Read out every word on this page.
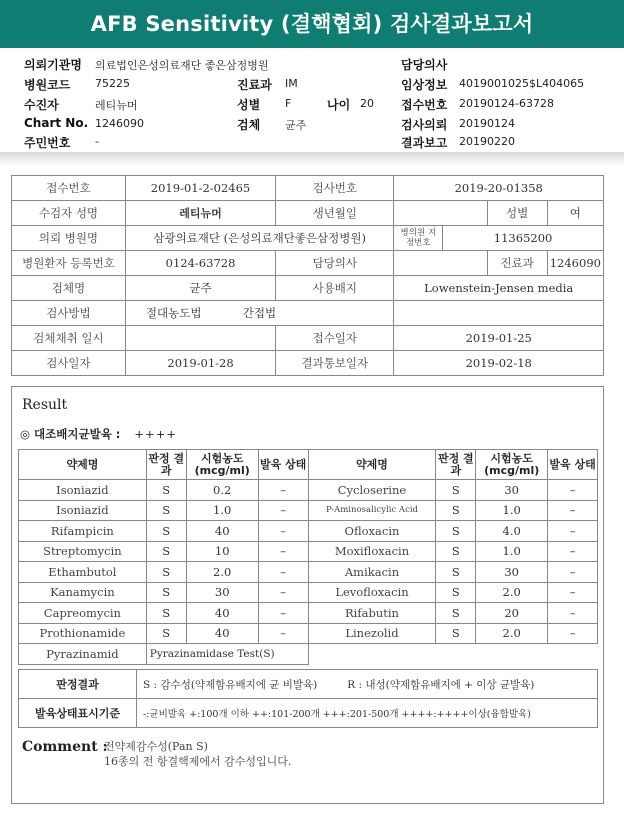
AFB Sensitivity (결핵협회) 검사결과보고서
의뢰기관명 의료법인은성의료재단 좋은삼정병원
병원코드 75225
수진자	레티뉴머
Chart No. 1246090
주민번호 -
진료과 IM
성별 F	나이 20
검체 균주
담당의사
임상정보 4019001025$L404065
접수번호 20190124-63728
검사의뢰 20190124
결과보고 20190220
접수번호	2019-01-2-02465	검사번호	2019-20-01358			
수검자 성명	레티뉴머	생년월일			성별	여
의뢰 병원명	삼광의료재단 (은성의료재단좋은삼정병원)		병의원 지정번호	11365200		
병원환자 등록번호	0124-63728	담당의사			진료과	1246090
검체명	균주	사용배지	Lowenstein-Jensen media			
검사방법	절대농도법 간접법					
검체채취 일시		접수일자	2019-01-25			
검사일자	2019-01-28	결과통보일자	2019-02-18			
Result
◎ 대조배지균발육 : ++++
약제명	판정 결과	시험농도 (mcg/ml)	발육 상태	약제명	판정 결과	시험농도 (mcg/ml)	발육 상태
Isoniazid	S	0.2	–	Cycloserine	S	30	–
Isoniazid	S	1.0	–	P-Aminosalicylic Acid	S	1.0	–
Rifampicin	S	40	–	Ofloxacin	S	4.0	–
Streptomycin	S	10	–	Moxifloxacin	S	1.0	–
Ethambutol	S	2.0	–	Amikacin	S	30	–
Kanamycin	S	30	–	Levofloxacin	S	2.0	–
Capreomycin	S	40	–	Rifabutin	S	20	–
Prothionamide	S	40	–	Linezolid	S	2.0	–
Pyrazinamid	Pyrazinamidase Test(S)						
판정결과	S : 감수성(약제함유배지에 균 비발육) R : 내성(약제함유배지에 + 이상 균발육)
발육상태표시기준	-:균비발육 +:100개 이하 ++:101-200개 +++:201-500개 ++++:++++이상(융합발육)
Comment :
전약제감수성(Pan S)
16종의 전 항결핵제에서 감수성입니다.
